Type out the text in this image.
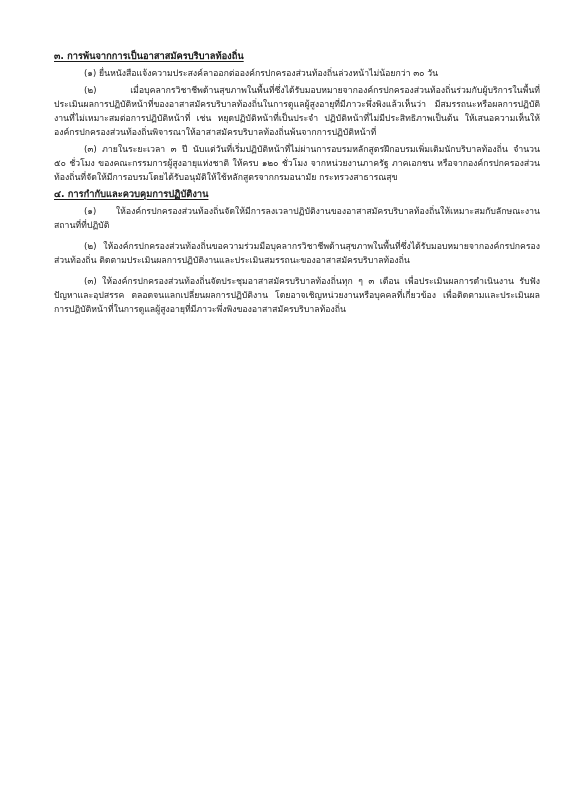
๓. การพ้นจากการเป็นอาสาสมัครบริบาลท้องถิ่น

(๑) ยื่นหนังสือแจ้งความประสงค์ลาออกต่อองค์กรปกครองส่วนท้องถิ่นล่วงหน้าไม่น้อยกว่า ๓๐ วัน

(๒) เมื่อบุคลากรวิชาชีพด้านสุขภาพในพื้นที่ซึ่งได้รับมอบหมายจากองค์กรปกครองส่วนท้องถิ่นร่วมกับผู้บริการในพื้นที่ ประเมินผลการปฏิบัติหน้าที่ของอาสาสมัครบริบาลท้องถิ่นในการดูแลผู้สูงอายุที่มีภาวะพึ่งพิงแล้วเห็นว่า มีสมรรถนะหรือผลการปฏิบัติงานที่ไม่เหมาะสมต่อการปฏิบัติหน้าที่ เช่น หยุดปฏิบัติหน้าที่เป็นประจำ ปฏิบัติหน้าที่ไม่มีประสิทธิภาพเป็นต้น ให้เสนอความเห็นให้องค์กรปกครองส่วนท้องถิ่นพิจารณาให้อาสาสมัครบริบาลท้องถิ่นพ้นจากการปฏิบัติหน้าที่

(๓) ภายในระยะเวลา ๓ ปี นับแต่วันที่เริ่มปฏิบัติหน้าที่ไม่ผ่านการอบรมหลักสูตรฝึกอบรมเพิ่มเติมนักบริบาลท้องถิ่น จำนวน ๕๐ ชั่วโมง ของคณะกรรมการผู้สูงอายุแห่งชาติ ให้ครบ ๑๒๐ ชั่วโมง จากหน่วยงานภาครัฐ ภาคเอกชน หรือจากองค์กรปกครองส่วนท้องถิ่นที่จัดให้มีการอบรมโดยได้รับอนุมัติให้ใช้หลักสูตรจากกรมอนามัย กระทรวงสาธารณสุข

๔. การกำกับและควบคุมการปฏิบัติงาน

(๑) ให้องค์กรปกครองส่วนท้องถิ่นจัดให้มีการลงเวลาปฏิบัติงานของอาสาสมัครบริบาลท้องถิ่นให้เหมาะสมกับลักษณะงาน สถานที่ที่ปฏิบัติ

(๒) ให้องค์กรปกครองส่วนท้องถิ่นขอความร่วมมือบุคลากรวิชาชีพด้านสุขภาพในพื้นที่ซึ่งได้รับมอบหมายจากองค์กรปกครองส่วนท้องถิ่น ติดตามประเมินผลการปฏิบัติงานและประเมินสมรรถนะของอาสาสมัครบริบาลท้องถิ่น

(๓) ให้องค์กรปกครองส่วนท้องถิ่นจัดประชุมอาสาสมัครบริบาลท้องถิ่นทุก ๆ ๓ เดือน เพื่อประเมินผลการดำเนินงาน รับฟังปัญหาและอุปสรรค ตลอดจนแลกเปลี่ยนผลการปฏิบัติงาน โดยอาจเชิญหน่วยงานหรือบุคคลที่เกี่ยวข้อง เพื่อติดตามและประเมินผลการปฏิบัติหน้าที่ในการดูแลผู้สูงอายุที่มีภาวะพึ่งพิงของอาสาสมัครบริบาลท้องถิ่น
